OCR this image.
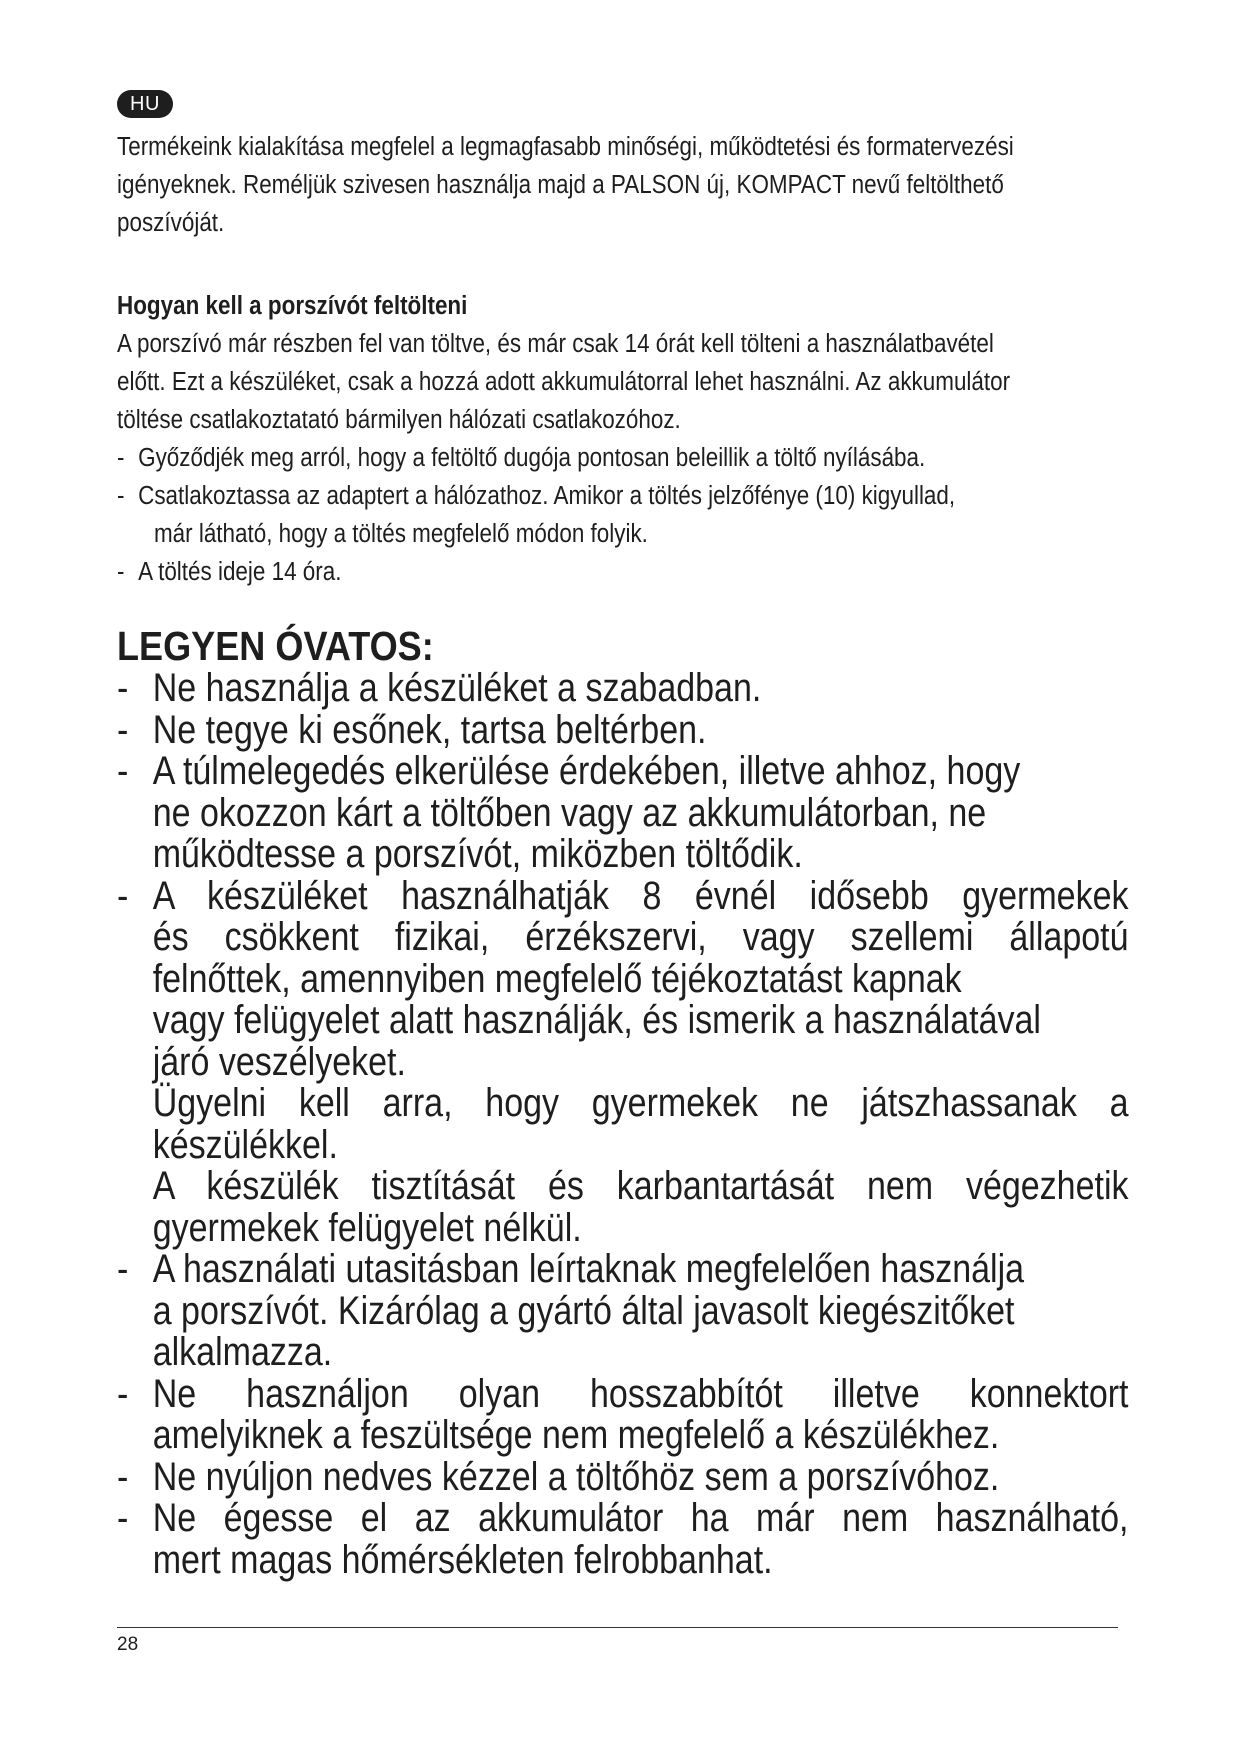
HU

Termékeink kialakítása megfelel a legmagfasabb minőségi, működtetési és formatervezési

igényeknek. Reméljük szivesen használja majd a PALSON új, KOMPACT nevű feltölthető

poszívóját.

Hogyan kell a porszívót feltölteni

A porszívó már részben fel van töltve, és már csak 14 órát kell tölteni a használatbavétel

előtt. Ezt a készüléket, csak a hozzá adott akkumulátorral lehet használni. Az akkumulátor

töltése csatlakoztatató bármilyen hálózati csatlakozóhoz.

- Győződjék meg arról, hogy a feltöltő dugója pontosan beleillik a töltő nyílásába.
- Csatlakoztassa az adaptert a hálózathoz. Amikor a töltés jelzőfénye (10) kigyullad,

már látható, hogy a töltés megfelelő módon folyik.

- A töltés ideje 14 óra.
LEGYEN ÓVATOS:
- Ne használja a készüléket a szabadban.
- Ne tegye ki esőnek, tartsa beltérben.
- A túlmelegedés elkerülése érdekében, illetve ahhoz, hogy
ne okozzon kárt a töltőben vagy az akkumulátorban, ne
működtesse a porszívót, miközben töltődik.
- A készüléket használhatják 8 évnél idősebb gyermekek
és csökkent fizikai, érzékszervi, vagy szellemi állapotú
felnőttek, amennyiben megfelelő téjékoztatást kapnak
vagy felügyelet alatt használják, és ismerik a használatával
járó veszélyeket.
Ügyelni kell arra, hogy gyermekek ne játszhassanak a
készülékkel.
A készülék tisztítását és karbantartását nem végezhetik
gyermekek felügyelet nélkül.
- A használati utasitásban leírtaknak megfelelően használja
a porszívót. Kizárólag a gyártó által javasolt kiegészitőket
alkalmazza.
- Ne használjon olyan hosszabbítót illetve konnektort
amelyiknek a feszültsége nem megfelelő a készülékhez.
- Ne nyúljon nedves kézzel a töltőhöz sem a porszívóhoz.
- Ne égesse el az akkumulátor ha már nem használható,
mert magas hőmérsékleten felrobbanhat.
28
